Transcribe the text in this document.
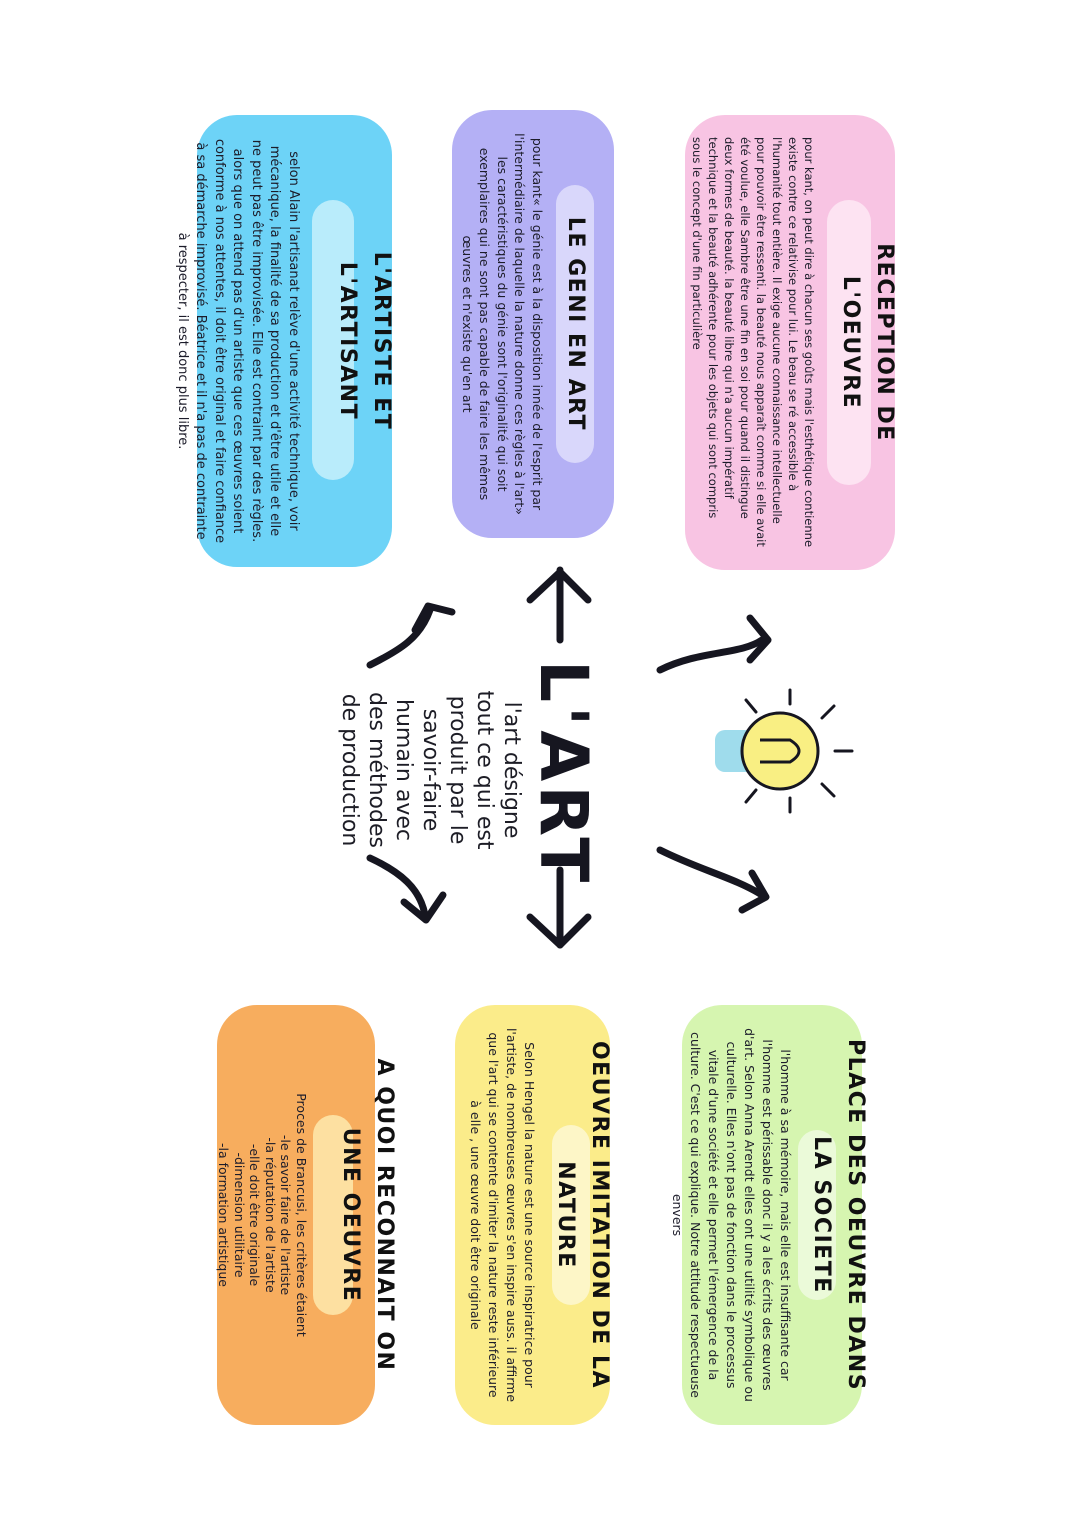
L'ART
l'art désigne
tout ce qui est
produit par le
savoir-faire
humain avec
des méthodes
de production
RECEPTION DE
L'OEUVRE
pour kant, on peut dire à chacun ses goûts mais l'esthétique contienne existe contre ce relativise pour lui. Le beau se ré accessible à l'humanité tout entière. Il exige aucune connaissance intellectuelle pour pouvoir être ressenti. la beauté nous apparaît comme si elle avait été voulue, elle Sambre être une fin en soi pour quand il distingue deux formes de beauté. la beauté libre qui n'a aucun impératif technique et la beauté adhérente pour les objets qui sont compris sous le concept d'une fin particulière
PLACE DES OEUVRE DANS
LA SOCIETE
l'homme à sa mémoire, mais elle est insuffisante car l'homme est périssable donc il y a les écrits des œuvres d'art. Selon Anna Arendt elles ont une utilité symbolique ou culturelle. Elles n'ont pas de fonction dans le processus vitale d'une société et elle permet l'émergence de la culture. C'est ce qui explique. Notre attitude respectueuse envers
LE GENI EN ART
pour kant« le génie est à la disposition innée de l'esprit par l'intermédiaire de laquelle la nature donne ces règles à l'art»
les caractéristiques du génie sont l'originalité qui soit exemplaires qui ne sont pas capable de faire les mêmes œuvres et n'existe qu'en art
OEUVRE IMITATION DE LA
NATURE
Selon Hengel la nature est une source inspiratrice pour l'artiste, de nombreuses œuvres s'en inspire auss. il affirme que l'art qui se contente d'imiter la nature reste inférieure à elle , une œuvre doit être originale
L'ARTISTE ET
L'ARTISANT
selon Alain l'artisanat relève d'une activité technique, voir mécanique, la finalité de sa production et d'être utile et elle ne peut pas être improvisée. Elle est contraint par des règles.
alors que on attend pas d'un artiste que ces œuvres soient conforme à nos attentes, il doit être original et faire confiance à sa démarche improvisé. Béatrice et il n'a pas de contrainte à respecter, il est donc plus libre.
A QUOI RECONNAIT ON
UNE OEUVRE
Proces de Brancusi, les critères étaient
-le savoir faire de l'artiste
-la réputation de l'artiste
-elle doit être originale
-dimension utilitaire
-la formation artistique
